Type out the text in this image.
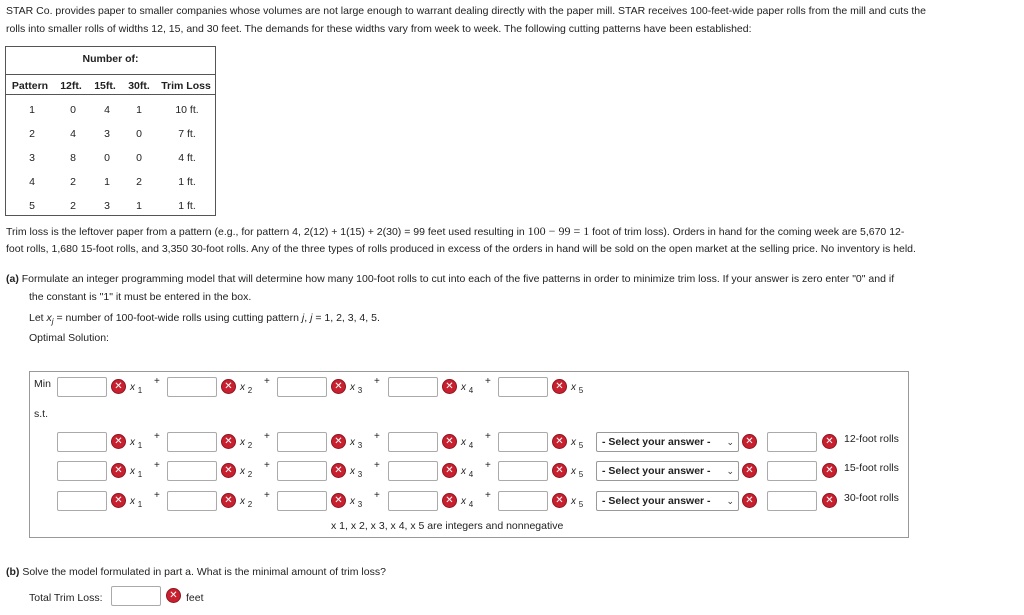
STAR Co. provides paper to smaller companies whose volumes are not large enough to warrant dealing directly with the paper mill. STAR receives 100-feet-wide paper rolls from the mill and cuts the
rolls into smaller rolls of widths 12, 15, and 30 feet. The demands for these widths vary from week to week. The following cutting patterns have been established:
Number of:
Pattern	12ft.	15ft.	30ft.	Trim Loss
1	0	4	1	10 ft.
2	4	3	0	7 ft.
3	8	0	0	4 ft.
4	2	1	2	1 ft.
5	2	3	1	1 ft.
Trim loss is the leftover paper from a pattern (e.g., for pattern 4, 2(12) + 1(15) + 2(30) = 99 feet used resulting in 100 − 99 = 1 foot of trim loss). Orders in hand for the coming week are 5,670 12-
foot rolls, 1,680 15-foot rolls, and 3,350 30-foot rolls. Any of the three types of rolls produced in excess of the orders in hand will be sold on the open market at the selling price. No inventory is held.
(a) Formulate an integer programming model that will determine how many 100-foot rolls to cut into each of the five patterns in order to minimize trim loss. If your answer is zero enter "0" and if
the constant is "1" it must be entered in the box.
Let $x_j$ = number of 100-foot-wide rolls using cutting pattern j, j = 1, 2, 3, 4, 5.
Optimal Solution:
Min
s.t.
x 1, x 2, x 3, x 4, x 5 are integers and nonnegative
(b) Solve the model formulated in part a. What is the minimal amount of trim loss?
Total Trim Loss:	✕ feet
✕ x $_1$
+	✕ x $_2$
+	✕ x $_3$
+	✕ x $_4$
+	✕ x $_5$
✕ x $_1$
+	✕ x $_2$
+	✕ x $_3$
+	✕ x $_4$
+	✕ x $_5$	- Select your answer - ⌄	✕	✕ 12-foot rolls
✕ x $_1$
+	✕ x $_2$
+	✕ x $_3$
+	✕ x $_4$
+	✕ x $_5$	- Select your answer - ⌄	✕	✕ 15-foot rolls
✕ x $_1$
+	✕ x $_2$
+	✕ x $_3$
+	✕ x $_4$
+	✕ x $_5$	- Select your answer - ⌄	✕	✕ 30-foot rolls
